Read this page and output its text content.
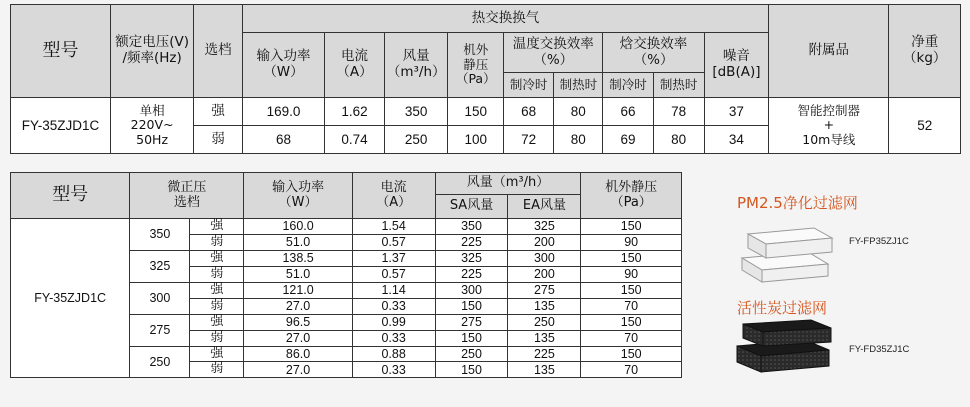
型号	额定电压(V)
/频率(Hz)	选档	热交换换气									附属品	净重
（kg）
			输入功率
（W）	电流
（A）	风量
（m³/h）	机外
静压
（Pa）	温度交换效率
（%）		焓交换效率
（%）		噪音
[dB(A)]		
							制冷时	制热时	制冷时	制热时			
FY-35ZJD1C	单相
220V~
50Hz	强	169.0	1.62	350	150	68	80	66	78	37	智能控制器
+
10m导线	52
		弱	68	0.74	250	100	72	80	69	80	34		
型号	微正压
选档		输入功率
（W）	电流
（A）	风量（m³/h）		机外静压
（Pa）
					SA风量	EA风量	
FY-35ZJD1C	350	强	160.0	1.54	350	325	150
		弱	51.0	0.57	225	200	90
	325	强	138.5	1.37	325	300	150
		弱	51.0	0.57	225	200	90
	300	强	121.0	1.14	300	275	150
		弱	27.0	0.33	150	135	70
	275	强	96.5	0.99	275	250	150
		弱	27.0	0.33	150	135	70
	250	强	86.0	0.88	250	225	150
		弱	27.0	0.33	150	135	70
PM2.5净化过滤网
FY-FP35ZJ1C
活性炭过滤网
FY-FD35ZJ1C
